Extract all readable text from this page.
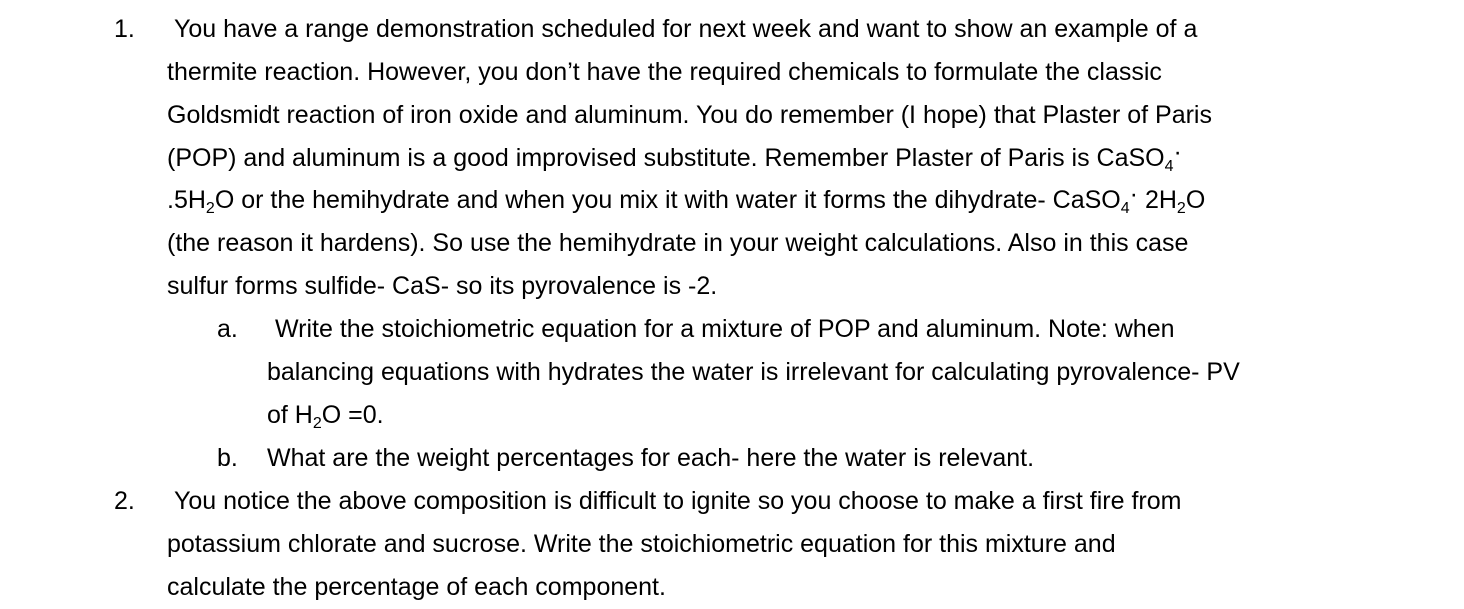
1. You have a range demonstration scheduled for next week and want to show an example of a
thermite reaction. However, you don’t have the required chemicals to formulate the classic
Goldsmidt reaction of iron oxide and aluminum. You do remember (I hope) that Plaster of Paris
(POP) and aluminum is a good improvised substitute. Remember Plaster of Paris is CaSO$_4$·
$.5H_2O$ or the hemihydrate and when you mix it with water it forms the dihydrate- CaSO$_4$· $2H_2O$
(the reason it hardens). So use the hemihydrate in your weight calculations. Also in this case
sulfur forms sulfide- CaS- so its pyrovalence is -2.
a. Write the stoichiometric equation for a mixture of POP and aluminum. Note: when
balancing equations with hydrates the water is irrelevant for calculating pyrovalence- PV
of $H_2O =0$.
b. What are the weight percentages for each- here the water is relevant.
2. You notice the above composition is difficult to ignite so you choose to make a first fire from
potassium chlorate and sucrose. Write the stoichiometric equation for this mixture and
calculate the percentage of each component.
